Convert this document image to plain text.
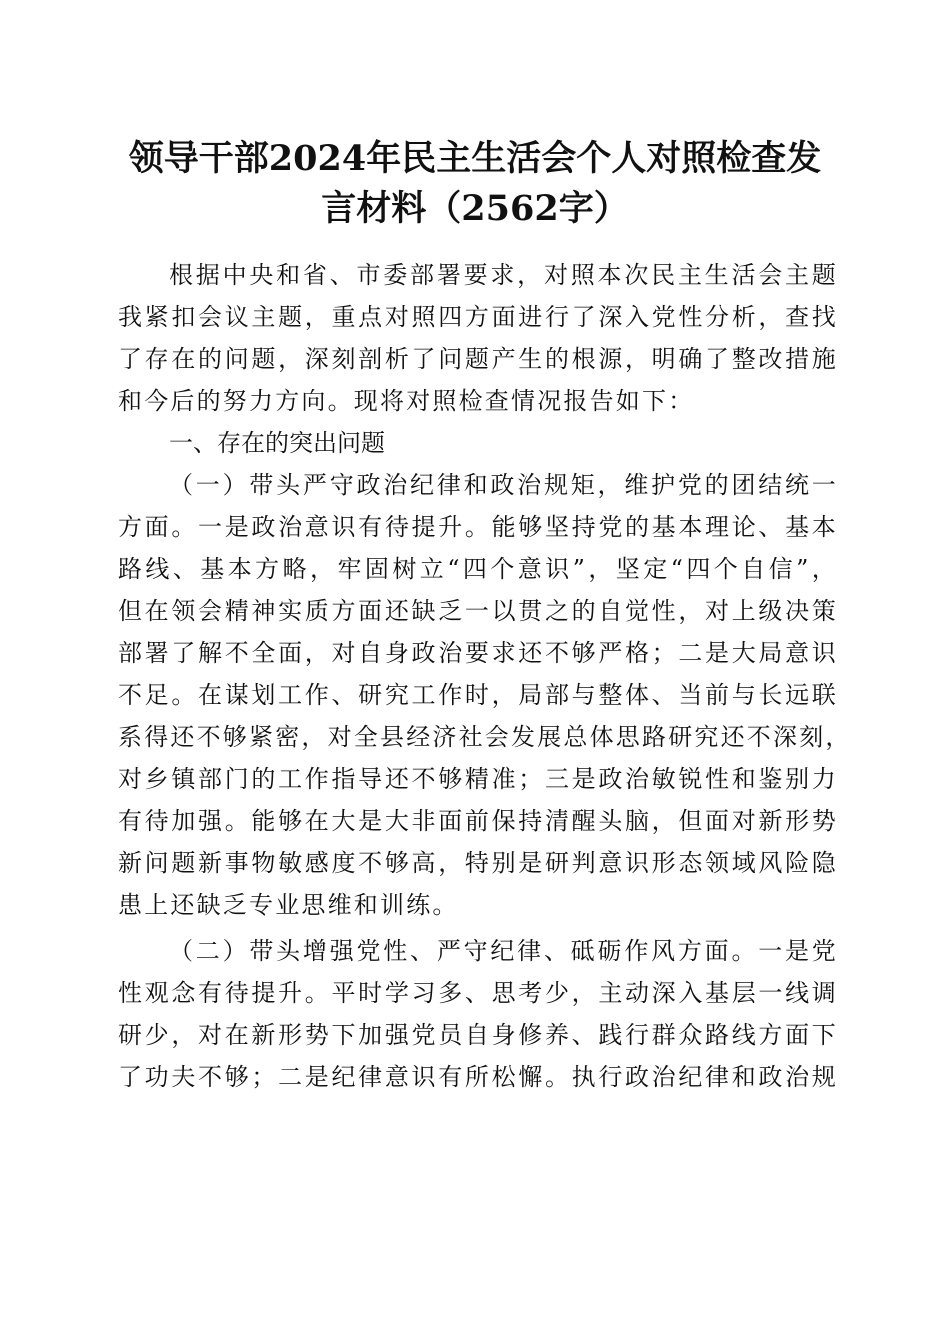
领导干部2024年民主生活会个人对照检查发
言材料（2562字）
根据中央和省、市委部署要求，对照本次民主生活会主题
我紧扣会议主题，重点对照四方面进行了深入党性分析，查找
了存在的问题，深刻剖析了问题产生的根源，明确了整改措施
和今后的努力方向。现将对照检查情况报告如下：
一、存在的突出问题
（一）带头严守政治纪律和政治规矩，维护党的团结统一
方面。一是政治意识有待提升。能够坚持党的基本理论、基本
路线、基本方略，牢固树立“四个意识”，坚定“四个自信”，
但在领会精神实质方面还缺乏一以贯之的自觉性，对上级决策
部署了解不全面，对自身政治要求还不够严格；二是大局意识
不足。在谋划工作、研究工作时，局部与整体、当前与长远联
系得还不够紧密，对全县经济社会发展总体思路研究还不深刻，
对乡镇部门的工作指导还不够精准；三是政治敏锐性和鉴别力
有待加强。能够在大是大非面前保持清醒头脑，但面对新形势
新问题新事物敏感度不够高，特别是研判意识形态领域风险隐
患上还缺乏专业思维和训练。
（二）带头增强党性、严守纪律、砥砺作风方面。一是党
性观念有待提升。平时学习多、思考少，主动深入基层一线调
研少，对在新形势下加强党员自身修养、践行群众路线方面下
了功夫不够；二是纪律意识有所松懈。执行政治纪律和政治规
